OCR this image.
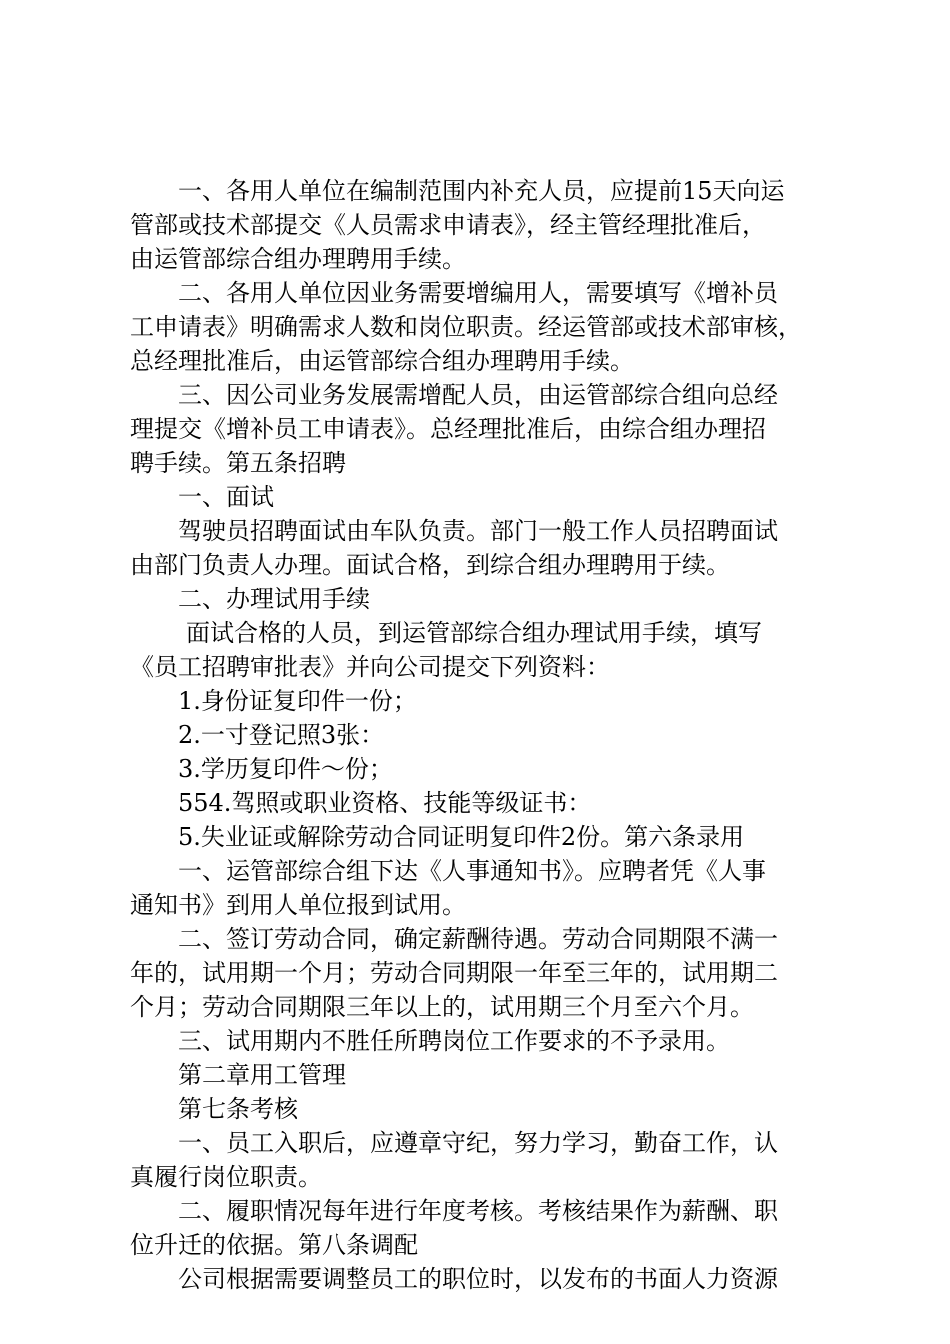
一、各用人单位在编制范围内补充人员，应提前15天向运

管部或技术部提交《人员需求申请表》，经主管经理批准后，

由运管部综合组办理聘用手续。

二、各用人单位因业务需要增编用人，需要填写《增补员

工申请表》明确需求人数和岗位职责。经运管部或技术部审核，

总经理批准后，由运管部综合组办理聘用手续。

三、因公司业务发展需增配人员，由运管部综合组向总经

理提交《增补员工申请表》。总经理批准后，由综合组办理招

聘手续。第五条招聘

一、面试

驾驶员招聘面试由车队负责。部门一般工作人员招聘面试

由部门负责人办理。面试合格，到综合组办理聘用于续。

二、办理试用手续

面试合格的人员，到运管部综合组办理试用手续，填写

《员工招聘审批表》并向公司提交下列资料：

1.身份证复印件一份；

2.一寸登记照3张：

3.学历复印件～份；

554.驾照或职业资格、技能等级证书：

5.失业证或解除劳动合同证明复印件2份。第六条录用

一、运管部综合组下达《人事通知书》。应聘者凭《人事

通知书》到用人单位报到试用。

二、签订劳动合同，确定薪酬待遇。劳动合同期限不满一

年的，试用期一个月；劳动合同期限一年至三年的，试用期二

个月；劳动合同期限三年以上的，试用期三个月至六个月。

三、试用期内不胜任所聘岗位工作要求的不予录用。

第二章用工管理

第七条考核

一、员工入职后，应遵章守纪，努力学习，勤奋工作，认

真履行岗位职责。

二、履职情况每年进行年度考核。考核结果作为薪酬、职

位升迁的依据。第八条调配

公司根据需要调整员工的职位时，以发布的书面人力资源
